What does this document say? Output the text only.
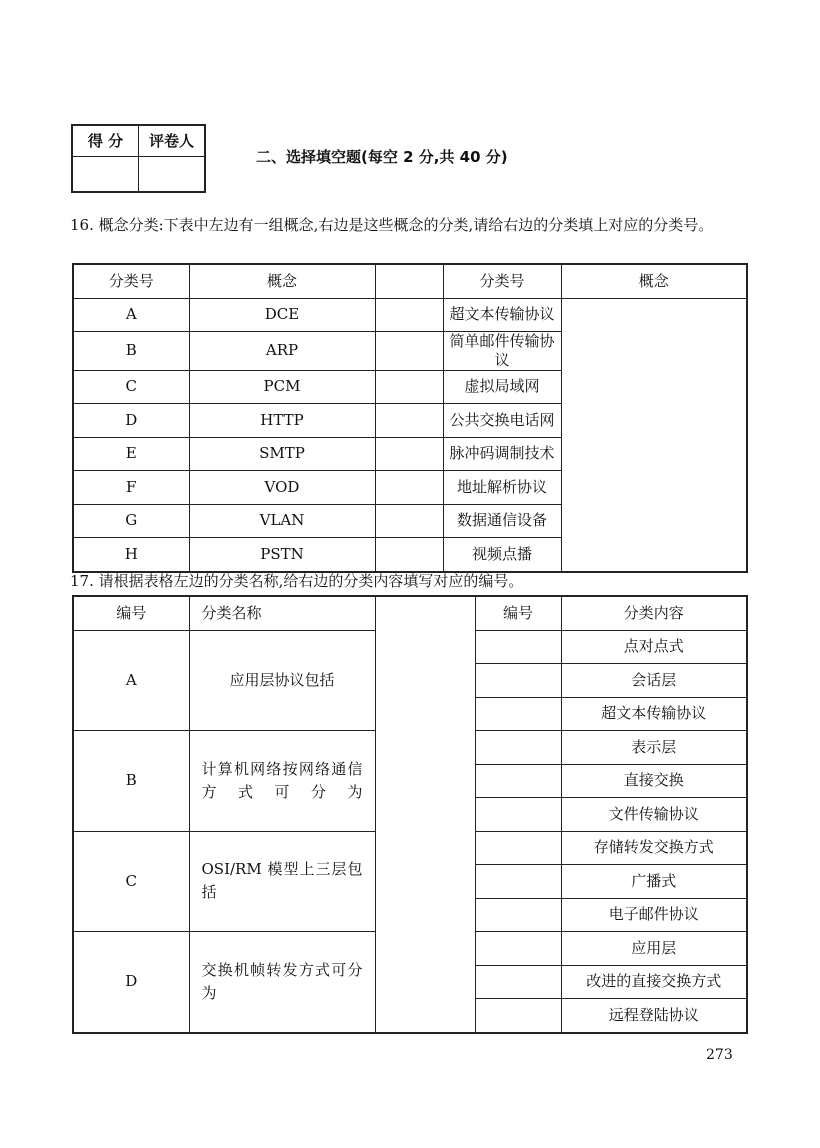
得 分	评卷人

二、选择填空题(每空 2 分,共 40 分)
16. 概念分类:下表中左边有一组概念,右边是这些概念的分类,请给右边的分类填上对应的分类号。
分类号	概念		分类号	概念
A	DCE		超文本传输协议	
B	ARP		简单邮件传输协议	
C	PCM		虚拟局域网	
D	HTTP		公共交换电话网	
E	SMTP		脉冲码调制技术	
F	VOD		地址解析协议	
G	VLAN		数据通信设备	
H	PSTN		视频点播	
17. 请根据表格左边的分类名称,给右边的分类内容填写对应的编号。
编号	分类名称		编号	分类内容
A	应用层协议包括			点对点式
				会话层
				超文本传输协议
B	计算机网络按网络通信方式可分为			表示层
				直接交换
				文件传输协议
C	OSI/RM 模型上三层包括			存储转发交换方式
				广播式
				电子邮件协议
D	交换机帧转发方式可分为			应用层
				改进的直接交换方式
				远程登陆协议
273
